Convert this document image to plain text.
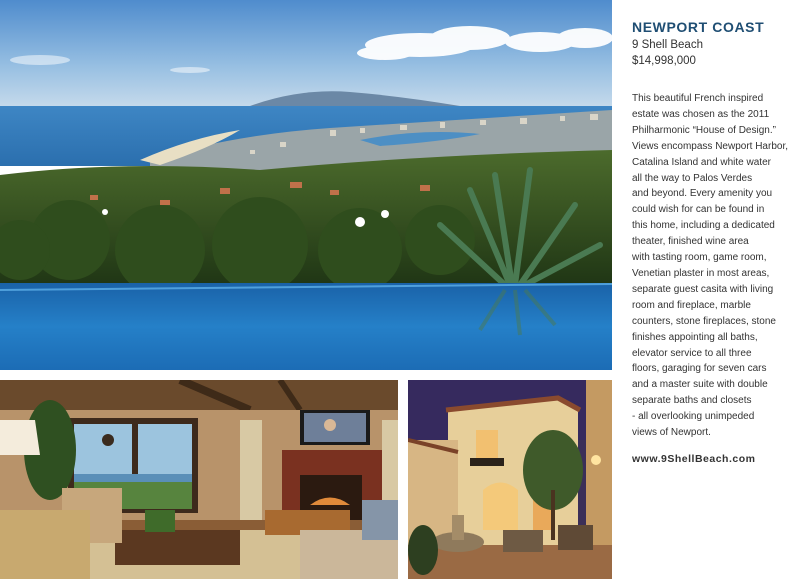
NEWPORT COAST
9 Shell Beach
$14,998,000
This beautiful French inspired
estate was chosen as the 2011
Philharmonic “House of Design.”
Views encompass Newport Harbor,
Catalina Island and white water
all the way to Palos Verdes
and beyond. Every amenity you
could wish for can be found in
this home, including a dedicated
theater, finished wine area
with tasting room, game room,
Venetian plaster in most areas,
separate guest casita with living
room and fireplace, marble
counters, stone fireplaces, stone
finishes appointing all baths,
elevator service to all three
floors, garaging for seven cars
and a master suite with double
separate baths and closets
- all overlooking unimpeded
views of Newport.
www.9ShellBeach.com
